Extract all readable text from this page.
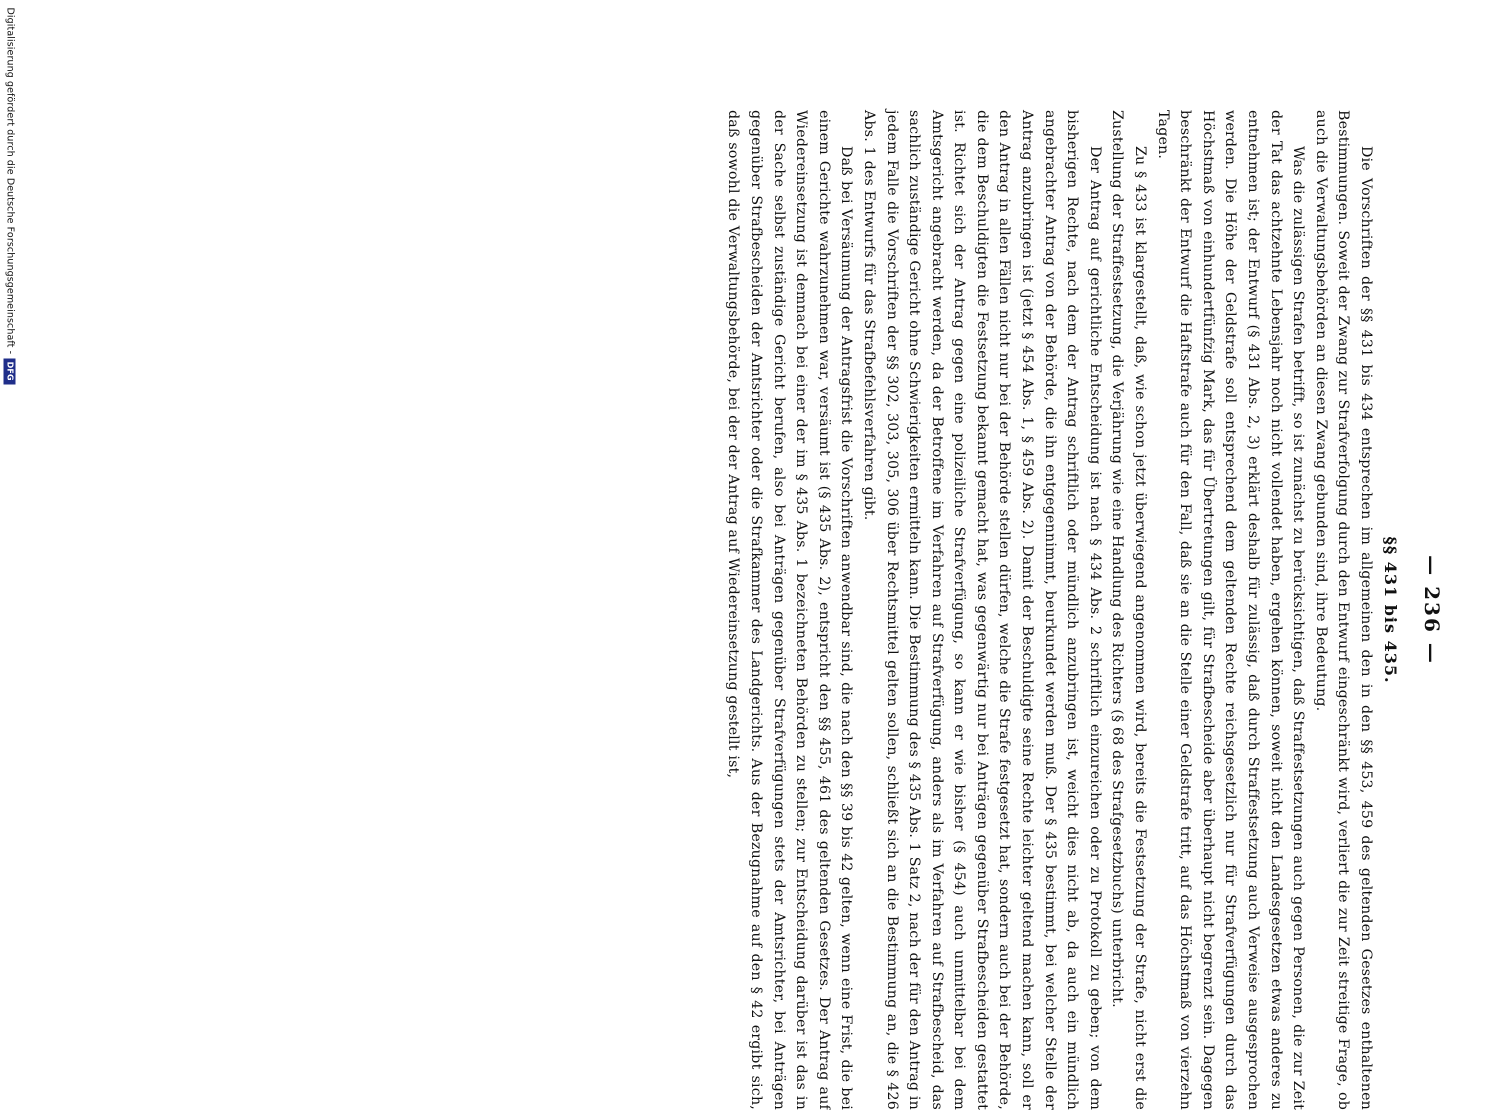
Digitalisierung gefördert durch die Deutsche Forschungsgemeinschaft -
DFG
— 236 —
§§ 431 bis 435.

Die Vorschriften der §§ 431 bis 434 entsprechen im allgemeinen den in den §§ 453, 459 des geltenden Gesetzes enthaltenen Bestimmungen. Soweit der Zwang zur Strafverfolgung durch den Entwurf eingeschränkt wird, verliert die zur Zeit streitige Frage, ob auch die Verwaltungsbehörden an diesen Zwang gebunden sind, ihre Bedeutung.

Was die zulässigen Strafen betrifft, so ist zunächst zu berücksichtigen, daß Straffestsetzungen auch gegen Personen, die zur Zeit der Tat das achtzehnte Lebensjahr noch nicht vollendet haben, ergehen können, soweit nicht den Landesgesetzen etwas anderes zu entnehmen ist; der Entwurf (§ 431 Abs. 2, 3) erklärt deshalb für zulässig, daß durch Straffestsetzung auch Verweise ausgesprochen werden. Die Höhe der Geldstrafe soll entsprechend dem geltenden Rechte reichsgesetzlich nur für Strafverfügungen durch das Höchstmaß von einhundertfünfzig Mark, das für Übertretungen gilt, für Strafbescheide aber überhaupt nicht begrenzt sein. Dagegen beschränkt der Entwurf die Haftstrafe auch für den Fall, daß sie an die Stelle einer Geldstrafe tritt, auf das Höchstmaß von vierzehn Tagen.

Zu § 433 ist klargestellt, daß, wie schon jetzt überwiegend angenommen wird, bereits die Festsetzung der Strafe, nicht erst die Zustellung der Straffestsetzung, die Verjährung wie eine Handlung des Richters (§ 68 des Strafgesetzbuchs) unterbricht.

Der Antrag auf gerichtliche Entscheidung ist nach § 434 Abs. 2 schriftlich einzureichen oder zu Protokoll zu geben; von dem bisherigen Rechte, nach dem der Antrag schriftlich oder mündlich anzubringen ist, weicht dies nicht ab, da auch ein mündlich angebrachter Antrag von der Behörde, die ihn entgegennimmt, beurkundet werden muß. Der § 435 bestimmt, bei welcher Stelle der Antrag anzubringen ist (jetzt § 454 Abs. 1, § 459 Abs. 2). Damit der Beschuldigte seine Rechte leichter geltend machen kann, soll er den Antrag in allen Fällen nicht nur bei der Behörde stellen dürfen, welche die Strafe festgesetzt hat, sondern auch bei der Behörde, die dem Beschuldigten die Festsetzung bekannt gemacht hat, was gegenwärtig nur bei Anträgen gegenüber Strafbescheiden gestattet ist. Richtet sich der Antrag gegen eine polizeiliche Strafverfügung, so kann er wie bisher (§ 454) auch unmittelbar bei dem Amtsgericht angebracht werden, da der Betroffene im Verfahren auf Strafverfügung, anders als im Verfahren auf Strafbescheid, das sachlich zuständige Gericht ohne Schwierigkeiten ermitteln kann. Die Bestimmung des § 435 Abs. 1 Satz 2, nach der für den Antrag in jedem Falle die Vorschriften der §§ 302, 303, 305, 306 über Rechtsmittel gelten sollen, schließt sich an die Bestimmung an, die § 426 Abs. 1 des Entwurfs für das Strafbefehlsverfahren gibt.

Daß bei Versäumung der Antragsfrist die Vorschriften anwendbar sind, die nach den §§ 39 bis 42 gelten, wenn eine Frist, die bei einem Gerichte wahrzunehmen war, versäumt ist (§ 435 Abs. 2), entspricht den §§ 455, 461 des geltenden Gesetzes. Der Antrag auf Wiedereinsetzung ist demnach bei einer der im § 435 Abs. 1 bezeichneten Behörden zu stellen; zur Entscheidung darüber ist das in der Sache selbst zuständige Gericht berufen, also bei Anträgen gegenüber Strafverfügungen stets der Amtsrichter, bei Anträgen gegenüber Strafbescheiden der Amtsrichter oder die Strafkammer des Landgerichts. Aus der Bezugnahme auf den § 42 ergibt sich, daß sowohl die Verwaltungsbehörde, bei der der Antrag auf Wiedereinsetzung gestellt ist,
